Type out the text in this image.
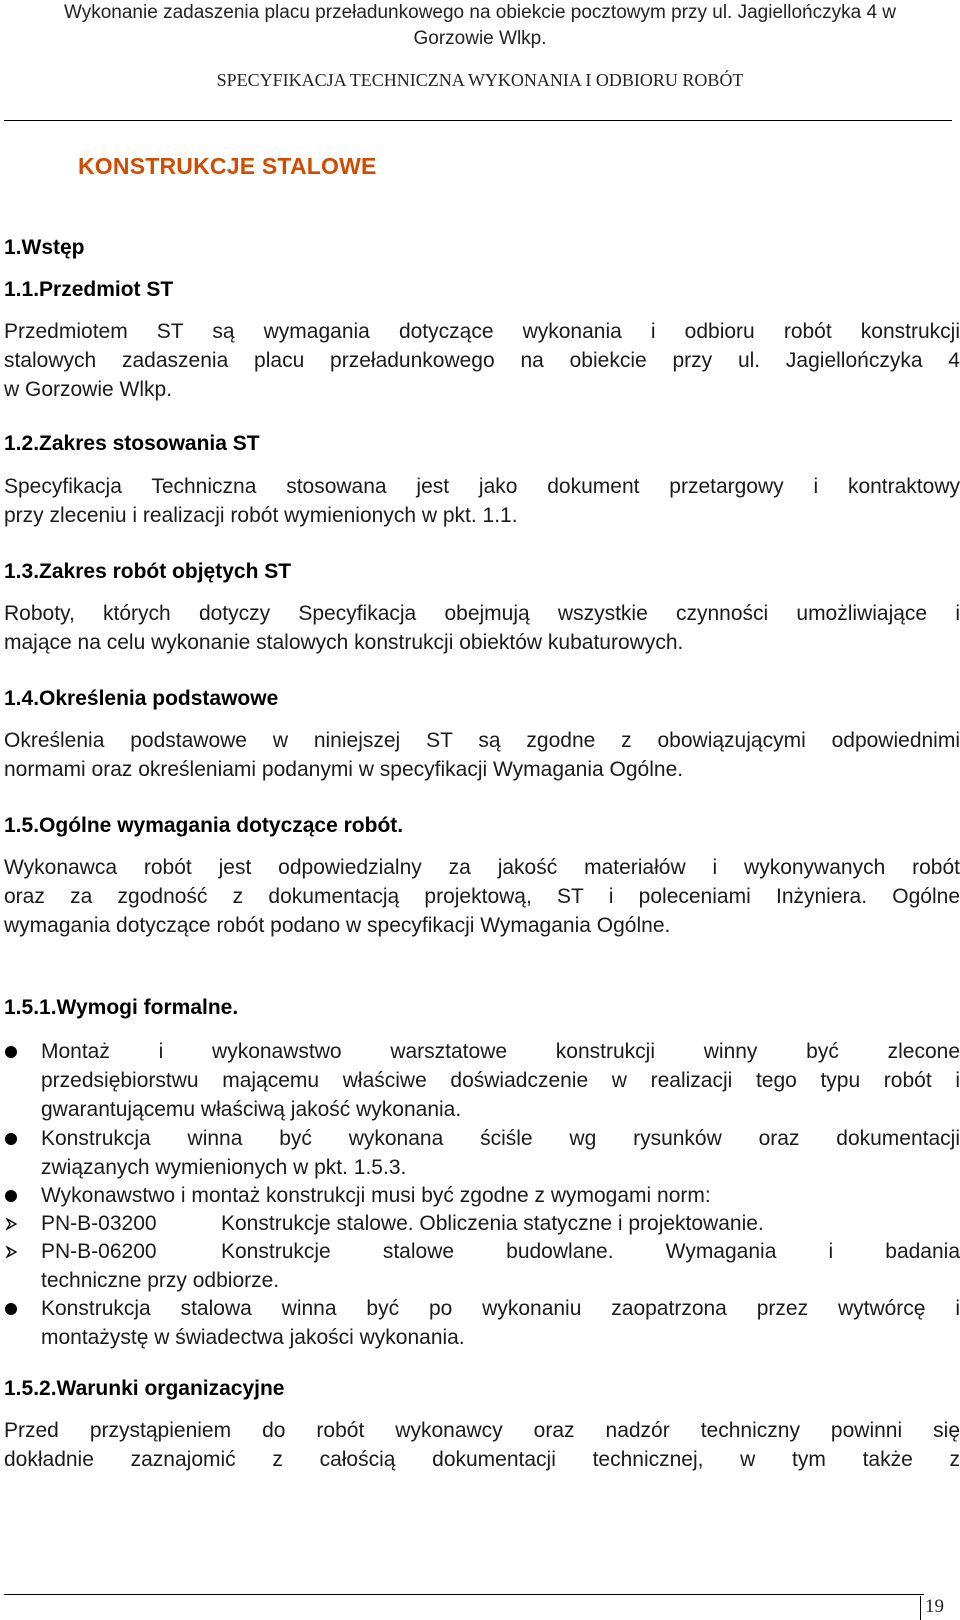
Wykonanie zadaszenia placu przeładunkowego na obiekcie pocztowym przy ul. Jagiellończyka 4 w
Gorzowie Wlkp.
SPECYFIKACJA TECHNICZNA WYKONANIA I ODBIORU ROBÓT
KONSTRUKCJE STALOWE
1.Wstęp
1.1.Przedmiot ST
Przedmiotem ST są wymagania dotyczące wykonania i odbioru robót konstrukcji
stalowych zadaszenia placu przeładunkowego na obiekcie przy ul. Jagiellończyka 4
w Gorzowie Wlkp.
1.2.Zakres stosowania ST
Specyfikacja Techniczna stosowana jest jako dokument przetargowy i kontraktowy
przy zleceniu i realizacji robót wymienionych w pkt. 1.1.
1.3.Zakres robót objętych ST
Roboty, których dotyczy Specyfikacja obejmują wszystkie czynności umożliwiające i
mające na celu wykonanie stalowych konstrukcji obiektów kubaturowych.
1.4.Określenia podstawowe
Określenia podstawowe w niniejszej ST są zgodne z obowiązującymi odpowiednimi
normami oraz określeniami podanymi w specyfikacji Wymagania Ogólne.
1.5.Ogólne wymagania dotyczące robót.
Wykonawca robót jest odpowiedzialny za jakość materiałów i wykonywanych robót
oraz za zgodność z dokumentacją projektową, ST i poleceniami Inżyniera. Ogólne
wymagania dotyczące robót podano w specyfikacji Wymagania Ogólne.
1.5.1.Wymogi formalne.
Montaż i wykonawstwo warsztatowe konstrukcji winny być zlecone
przedsiębiorstwu mającemu właściwe doświadczenie w realizacji tego typu robót i
gwarantującemu właściwą jakość wykonania.
Konstrukcja winna być wykonana ściśle wg rysunków oraz dokumentacji
związanych wymienionych w pkt. 1.5.3.
Wykonawstwo i montaż konstrukcji musi być zgodne z wymogami norm:
PN-B-03200	Konstrukcje stalowe. Obliczenia statyczne i projektowanie.
PN-B-06200	Konstrukcje stalowe budowlane. Wymagania i badania
techniczne przy odbiorze.
Konstrukcja stalowa winna być po wykonaniu zaopatrzona przez wytwórcę i
montażystę w świadectwa jakości wykonania.
1.5.2.Warunki organizacyjne
Przed przystąpieniem do robót wykonawcy oraz nadzór techniczny powinni się
dokładnie zaznajomić z całością dokumentacji technicznej, w tym także z
19
